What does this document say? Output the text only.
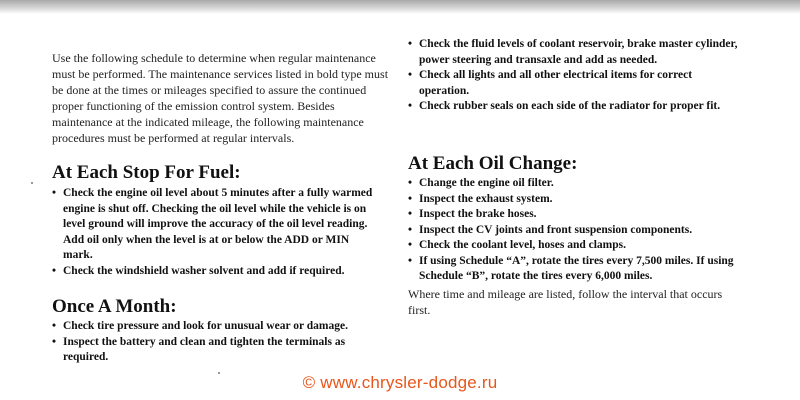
Use the following schedule to determine when regular maintenance must be performed. The maintenance services listed in bold type must be done at the times or mileages specified to assure the continued proper functioning of the emission control system. Besides maintenance at the indicated mileage, the following maintenance procedures must be performed at regular intervals.

At Each Stop For Fuel:
• Check the engine oil level about 5 minutes after a fully warmed engine is shut off. Checking the oil level while the vehicle is on level ground will improve the accuracy of the oil level reading. Add oil only when the level is at or below the ADD or MIN mark.
• Check the windshield washer solvent and add if required.
Once A Month:
• Check tire pressure and look for unusual wear or damage.
• Inspect the battery and clean and tighten the terminals as required.
• Check the fluid levels of coolant reservoir, brake master cylinder, power steering and transaxle and add as needed.
• Check all lights and all other electrical items for correct operation.
• Check rubber seals on each side of the radiator for proper fit.
At Each Oil Change:
• Change the engine oil filter.
• Inspect the exhaust system.
• Inspect the brake hoses.
• Inspect the CV joints and front suspension components.
• Check the coolant level, hoses and clamps.
• If using Schedule “A”, rotate the tires every 7,500 miles. If using Schedule “B”, rotate the tires every 6,000 miles.

Where time and mileage are listed, follow the interval that occurs first.

© www.chrysler-dodge.ru
